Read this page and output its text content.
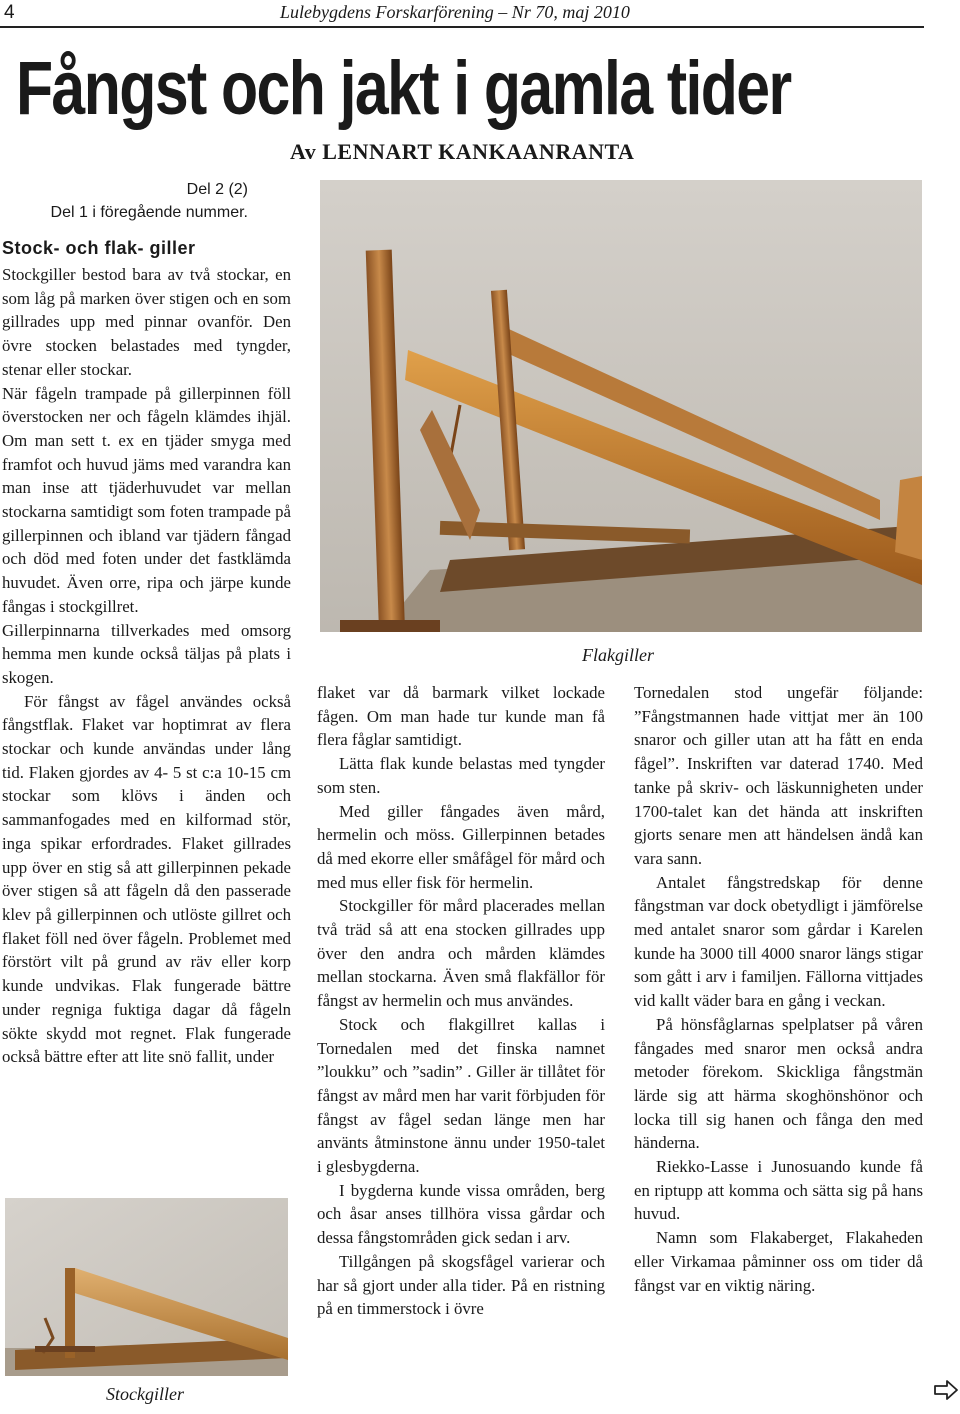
4	Lulebygdens Forskarförening – Nr 70, maj 2010
Fångst och jakt i gamla tider
Av LENNART KANKAANRANTA
Del 2 (2)
Del 1 i föregående nummer.
Stock- och flak- giller
Flakgiller
Stockgiller

Stockgiller bestod bara av två stockar, en som låg på marken över stigen och en som gillrades upp med pinnar ovanför. Den övre stocken belastades med tyngder, stenar eller stockar.

När fågeln trampade på gillerpinnen föll överstocken ner och fågeln klämdes ihjäl. Om man sett t. ex en tjäder smyga med framfot och huvud jäms med varandra kan man inse att tjäderhuvudet var mellan stockarna samtidigt som foten trampade på gillerpinnen och ibland var tjädern fångad och död med foten under det fastklämda huvudet. Även orre, ripa och järpe kunde fångas i stockgillret.

Gillerpinnarna tillverkades med omsorg hemma men kunde också täljas på plats i skogen.

För fångst av fågel användes också fångstflak. Flaket var hoptimrat av flera stockar och kunde användas under lång tid. Flaken gjordes av 4- 5 st c:a 10-15 cm stockar som klövs i änden och sammanfogades med en kilformad stör, inga spikar erfordrades. Flaket gillrades upp över en stig så att gillerpinnen pekade över stigen så att fågeln då den passerade klev på gillerpinnen och utlöste gillret och flaket föll ned över fågeln. Problemet med förstört vilt på grund av räv eller korp kunde undvikas. Flak fungerade bättre under regniga fuktiga dagar då fågeln sökte skydd mot regnet. Flak fungerade också bättre efter att lite snö fallit, under

flaket var då barmark vilket lockade fågen. Om man hade tur kunde man få flera fåglar samtidigt.

Lätta flak kunde belastas med tyngder som sten.

Med giller fångades även mård, hermelin och möss. Gillerpinnen betades då med ekorre eller småfågel för mård och med mus eller fisk för hermelin.

Stockgiller för mård placerades mellan två träd så att ena stocken gillrades upp över den andra och mården klämdes mellan stockarna. Även små flakfällor för fångst av hermelin och mus användes.

Stock och flakgillret kallas i Tornedalen med det finska namnet ”loukku” och ”sadin” . Giller är tillåtet för fångst av mård men har varit förbjuden för fångst av fågel sedan länge men har använts åtminstone ännu under 1950-talet i glesbygderna.

I bygderna kunde vissa områden, berg och åsar anses tillhöra vissa gårdar och dessa fångstområden gick sedan i arv.

Tillgången på skogsfågel varierar och har så gjort under alla tider. På en ristning på en timmerstock i övre

Tornedalen stod ungefär följande: ”Fångstmannen hade vittjat mer än 100 snaror och giller utan att ha fått en enda fågel”. Inskriften var daterad 1740. Med tanke på skriv- och läskunnigheten under 1700-talet kan det hända att inskriften gjorts senare men att händelsen ändå kan vara sann.

Antalet fångstredskap för denne fångstman var dock obetydligt i jämförelse med antalet snaror som gårdar i Karelen kunde ha 3000 till 4000 snaror längs stigar som gått i arv i familjen. Fällorna vittjades vid kallt väder bara en gång i veckan.

På hönsfåglarnas spelplatser på våren fångades med snaror men också andra metoder förekom. Skickliga fångstmän lärde sig att härma skoghönshönor och locka till sig hanen och fånga den med händerna.

Riekko-Lasse i Junosuando kunde få en riptupp att komma och sätta sig på hans huvud.

Namn som Flakaberget, Flakaheden eller Virkamaa påminner oss om tider då fångst var en viktig näring.
